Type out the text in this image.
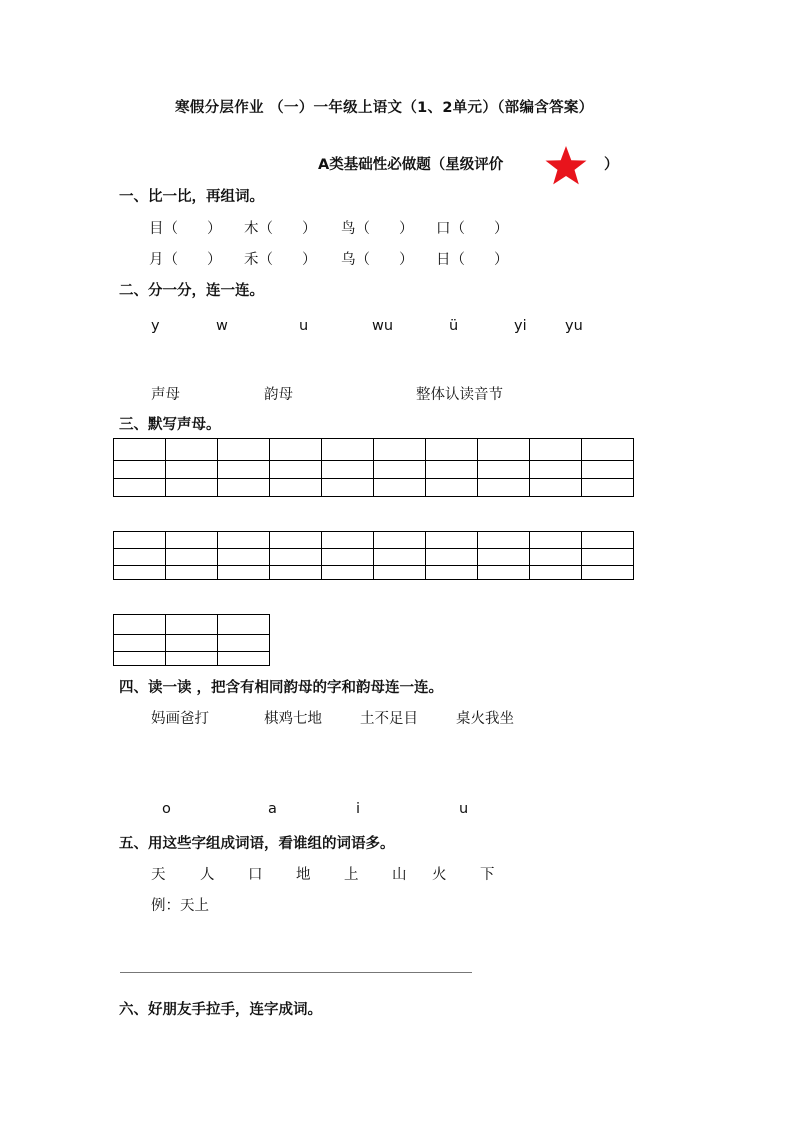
寒假分层作业 （一）一年级上语文（1、2单元）（部编含答案）
A类基础性必做题（星级评价	）
一、比一比，再组词。
目（　　） 木（　　） 鸟（　　） 口（　　）
月（　　） 禾（　　） 乌（　　） 日（　　）
二、分一分，连一连。
y	w	u	wu	ü	yi	yu
声母	韵母	整体认读音节
三、默写声母。

四、读一读 ，把含有相同韵母的字和韵母连一连。
妈画爸打	棋鸡七地	土不足目	桌火我坐
o	a	i	u
五、用这些字组成词语，看谁组的词语多。
天 人 口 地 上 山 火 下
例：天上
六、好朋友手拉手，连字成词。
